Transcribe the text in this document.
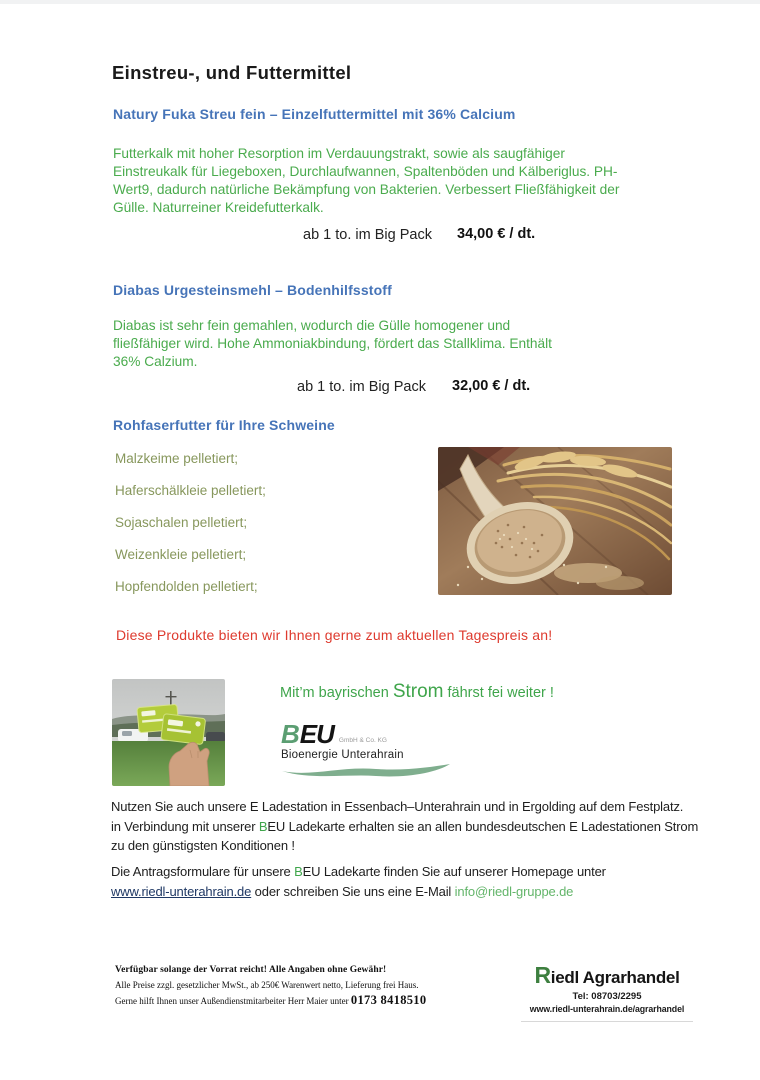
Einstreu-, und Futtermittel
Natury Fuka Streu fein – Einzelfuttermittel mit 36% Calcium
Futterkalk mit hoher Resorption im Verdauungstrakt, sowie als saugfähiger
Einstreukalk für Liegeboxen, Durchlaufwannen, Spaltenböden und Kälberiglus. PH-
Wert9, dadurch natürliche Bekämpfung von Bakterien. Verbessert Fließfähigkeit der
Gülle. Naturreiner Kreidefutterkalk.
ab 1 to. im Big Pack 34,00 € / dt.
Diabas Urgesteinsmehl – Bodenhilfsstoff
Diabas ist sehr fein gemahlen, wodurch die Gülle homogener und
fließfähiger wird. Hohe Ammoniakbindung, fördert das Stallklima. Enthält
36% Calzium.
ab 1 to. im Big Pack 32,00 € / dt.
Rohfaserfutter für Ihre Schweine
Malzkeime pelletiert;
Haferschälkleie pelletiert;
Sojaschalen pelletiert;
Weizenkleie pelletiert;
Hopfendolden pelletiert;
Diese Produkte bieten wir Ihnen gerne zum aktuellen Tagespreis an!
Mit’m bayrischen Strom fährst fei weiter !
B EU GmbH & Co. KG
Bioenergie Unterahrain
Nutzen Sie auch unsere E Ladestation in Essenbach–Unterahrain und in Ergolding auf dem Festplatz.
in Verbindung mit unserer BEU Ladekarte erhalten sie an allen bundesdeutschen E Ladestationen Strom
zu den günstigsten Konditionen !
Die Antragsformulare für unsere BEU Ladekarte finden Sie auf unserer Homepage unter
www.riedl-unterahrain.de oder schreiben Sie uns eine E-Mail info@riedl-gruppe.de
Verfügbar solange der Vorrat reicht! Alle Angaben ohne Gewähr!
Alle Preise zzgl. gesetzlicher MwSt., ab 250€ Warenwert netto, Lieferung frei Haus.
Gerne hilft Ihnen unser Außendienstmitarbeiter Herr Maier unter 0173 8418510
Riedl Agrarhandel
Tel: 08703/2295
www.riedl-unterahrain.de/agrarhandel
